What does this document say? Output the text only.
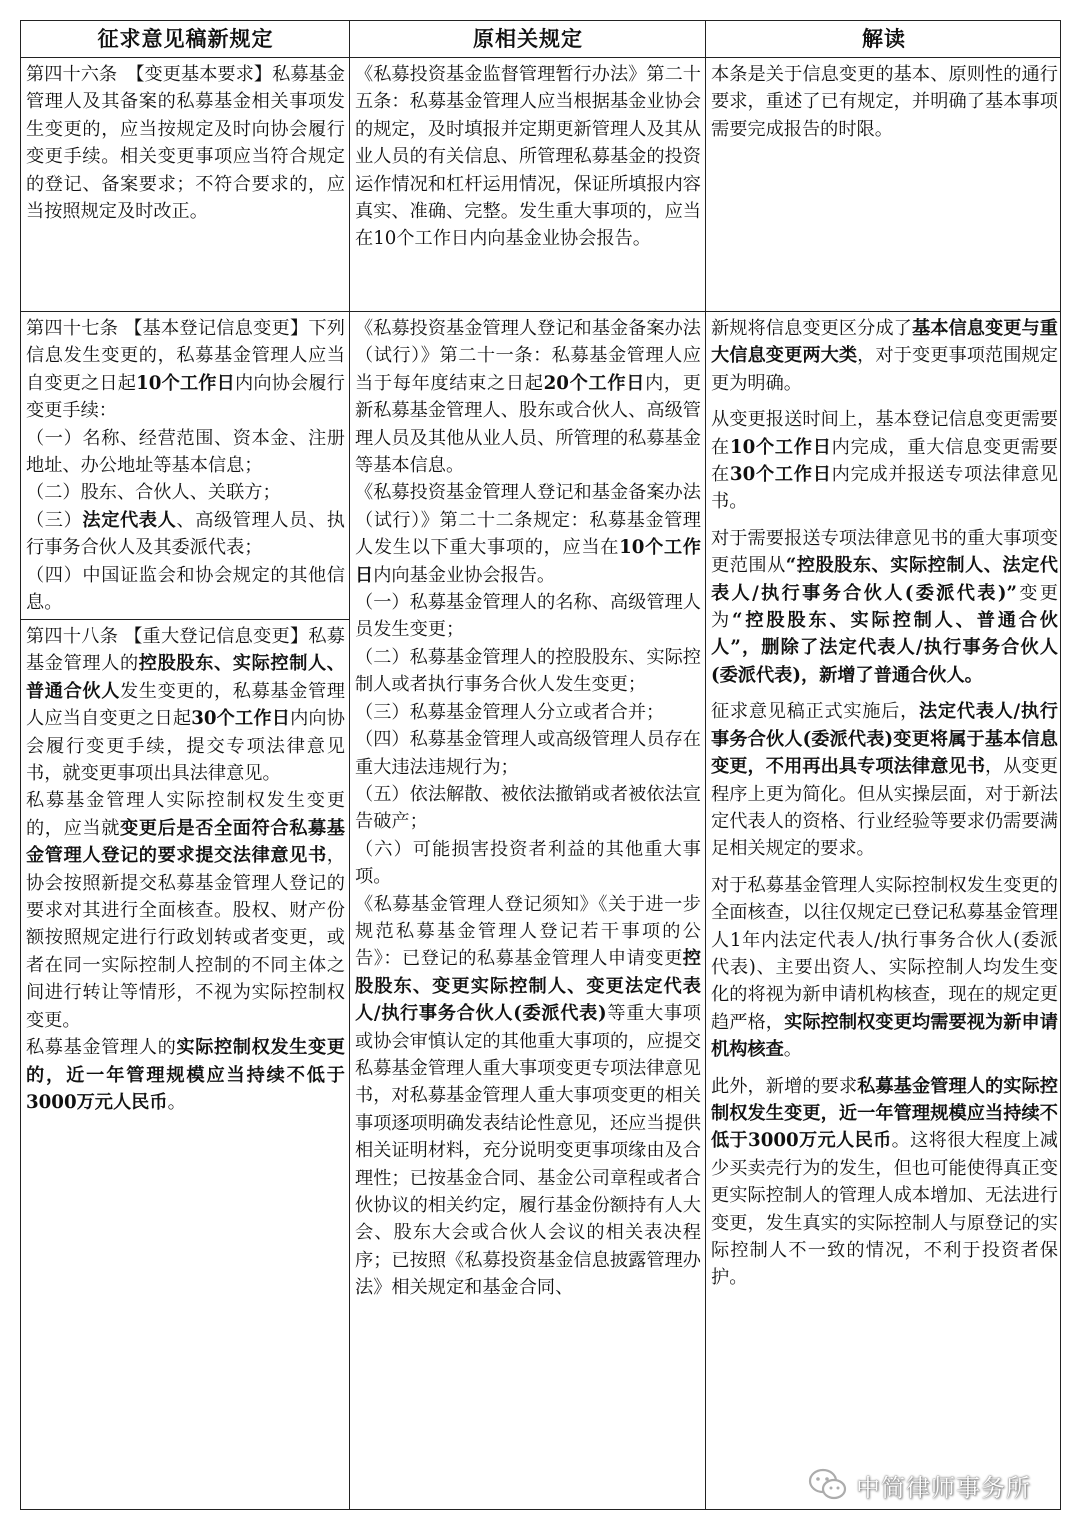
征求意见稿新规定	原相关规定	解读

第四十六条　【变更基本要求】私募基金管理人及其备案的私募基金相关事项发生变更的，应当按规定及时向协会履行变更手续。相关变更事项应当符合规定的登记、备案要求；不符合要求的，应当按照规定及时改正。

《私募投资基金监督管理暂行办法》第二十五条：私募基金管理人应当根据基金业协会的规定，及时填报并定期更新管理人及其从业人员的有关信息、所管理私募基金的投资运作情况和杠杆运用情况，保证所填报内容真实、准确、完整。发生重大事项的，应当在10个工作日内向基金业协会报告。

本条是关于信息变更的基本、原则性的通行要求，重述了已有规定，并明确了基本事项需要完成报告的时限。

第四十七条 【基本登记信息变更】下列信息发生变更的，私募基金管理人应当自变更之日起10个工作日内向协会履行变更手续：

（一）名称、经营范围、资本金、注册地址、办公地址等基本信息；

（二）股东、合伙人、关联方；

（三）法定代表人、高级管理人员、执行事务合伙人及其委派代表；

（四）中国证监会和协会规定的其他信息。

第四十八条 【重大登记信息变更】私募基金管理人的控股股东、实际控制人、普通合伙人发生变更的，私募基金管理人应当自变更之日起30个工作日内向协会履行变更手续，提交专项法律意见书，就变更事项出具法律意见。

私募基金管理人实际控制权发生变更的，应当就变更后是否全面符合私募基金管理人登记的要求提交法律意见书，协会按照新提交私募基金管理人登记的要求对其进行全面核查。股权、财产份额按照规定进行行政划转或者变更，或者在同一实际控制人控制的不同主体之间进行转让等情形，不视为实际控制权变更。

私募基金管理人的实际控制权发生变更的，近一年管理规模应当持续不低于3000万元人民币。

《私募投资基金管理人登记和基金备案办法（试行）》第二十一条：私募基金管理人应当于每年度结束之日起20个工作日内，更新私募基金管理人、股东或合伙人、高级管理人员及其他从业人员、所管理的私募基金等基本信息。

《私募投资基金管理人登记和基金备案办法（试行）》第二十二条规定：私募基金管理人发生以下重大事项的，应当在10个工作日内向基金业协会报告。

（一）私募基金管理人的名称、高级管理人员发生变更；

（二）私募基金管理人的控股股东、实际控制人或者执行事务合伙人发生变更；

（三）私募基金管理人分立或者合并；

（四）私募基金管理人或高级管理人员存在重大违法违规行为；

（五）依法解散、被依法撤销或者被依法宣告破产；

（六）可能损害投资者利益的其他重大事项。

《私募基金管理人登记须知》《关于进一步规范私募基金管理人登记若干事项的公告》：已登记的私募基金管理人申请变更控股股东、变更实际控制人、变更法定代表人/执行事务合伙人(委派代表)等重大事项或协会审慎认定的其他重大事项的，应提交私募基金管理人重大事项变更专项法律意见书，对私募基金管理人重大事项变更的相关事项逐项明确发表结论性意见，还应当提供相关证明材料，充分说明变更事项缘由及合理性；已按基金合同、基金公司章程或者合伙协议的相关约定，履行基金份额持有人大会、股东大会或合伙人会议的相关表决程序；已按照《私募投资基金信息披露管理办法》相关规定和基金合同、

新规将信息变更区分成了基本信息变更与重大信息变更两大类，对于变更事项范围规定更为明确。

从变更报送时间上，基本登记信息变更需要在10个工作日内完成，重大信息变更需要在30个工作日内完成并报送专项法律意见书。

对于需要报送专项法律意见书的重大事项变更范围从“控股股东、实际控制人、法定代表人/执行事务合伙人(委派代表)”变更为“控股股东、实际控制人、普通合伙人”，删除了法定代表人/执行事务合伙人(委派代表)，新增了普通合伙人。

征求意见稿正式实施后，法定代表人/执行事务合伙人(委派代表)变更将属于基本信息变更，不用再出具专项法律意见书，从变更程序上更为简化。但从实操层面，对于新法定代表人的资格、行业经验等要求仍需要满足相关规定的要求。

对于私募基金管理人实际控制权发生变更的全面核查，以往仅规定已登记私募基金管理人1年内法定代表人/执行事务合伙人(委派代表)、主要出资人、实际控制人均发生变化的将视为新申请机构核查，现在的规定更趋严格，实际控制权变更均需要视为新申请机构核查。

此外，新增的要求私募基金管理人的实际控制权发生变更，近一年管理规模应当持续不低于3000万元人民币。这将很大程度上减少买卖壳行为的发生，但也可能使得真正变更实际控制人的管理人成本增加、无法进行变更，发生真实的实际控制人与原登记的实际控制人不一致的情况，不利于投资者保护。

中简律师事务所
